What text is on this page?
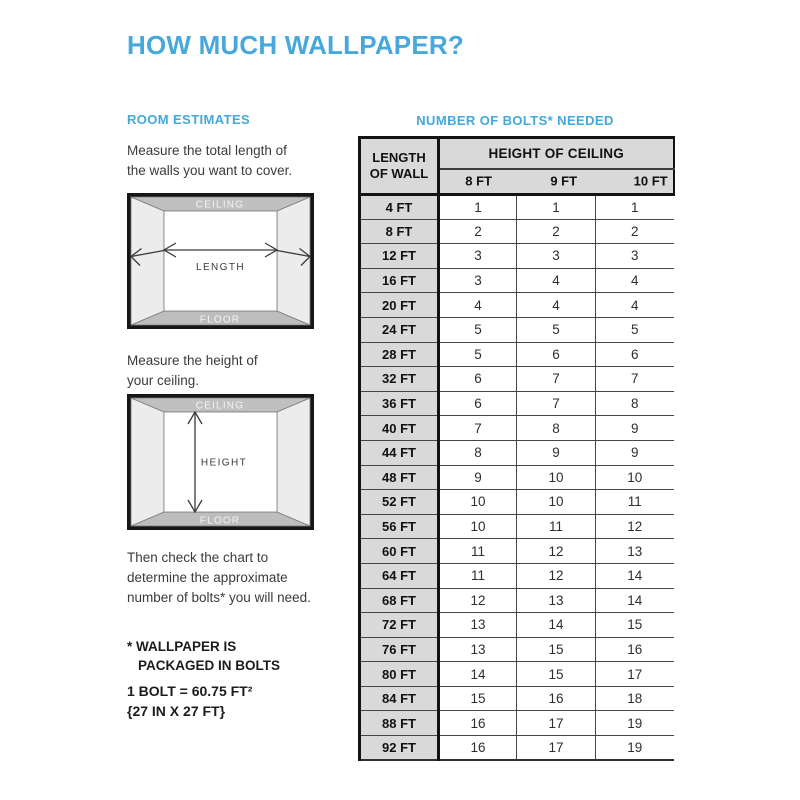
HOW MUCH WALLPAPER?
ROOM ESTIMATES
Measure the total length of
the walls you want to cover.
CEILING
FLOOR
LENGTH
Measure the height of
your ceiling.
CEILING
FLOOR
HEIGHT
Then check the chart to
determine the approximate
number of bolts* you will need.
* WALLPAPER IS
PACKAGED IN BOLTS
1 BOLT = 60.75 FT²
{27 IN X 27 FT}
NUMBER OF BOLTS* NEEDED
LENGTH
OF WALL	HEIGHT OF CEILING		

	8 FT 9 FT 10 FT		

4 FT	1	1	1
8 FT	2	2	2
12 FT	3	3	3
16 FT	3	4	4
20 FT	4	4	4
24 FT	5	5	5
28 FT	5	6	6
32 FT	6	7	7
36 FT	6	7	8
40 FT	7	8	9
44 FT	8	9	9
48 FT	9	10	10
52 FT	10	10	11
56 FT	10	11	12
60 FT	11	12	13
64 FT	11	12	14
68 FT	12	13	14
72 FT	13	14	15
76 FT	13	15	16
80 FT	14	15	17
84 FT	15	16	18
88 FT	16	17	19
92 FT	16	17	19
